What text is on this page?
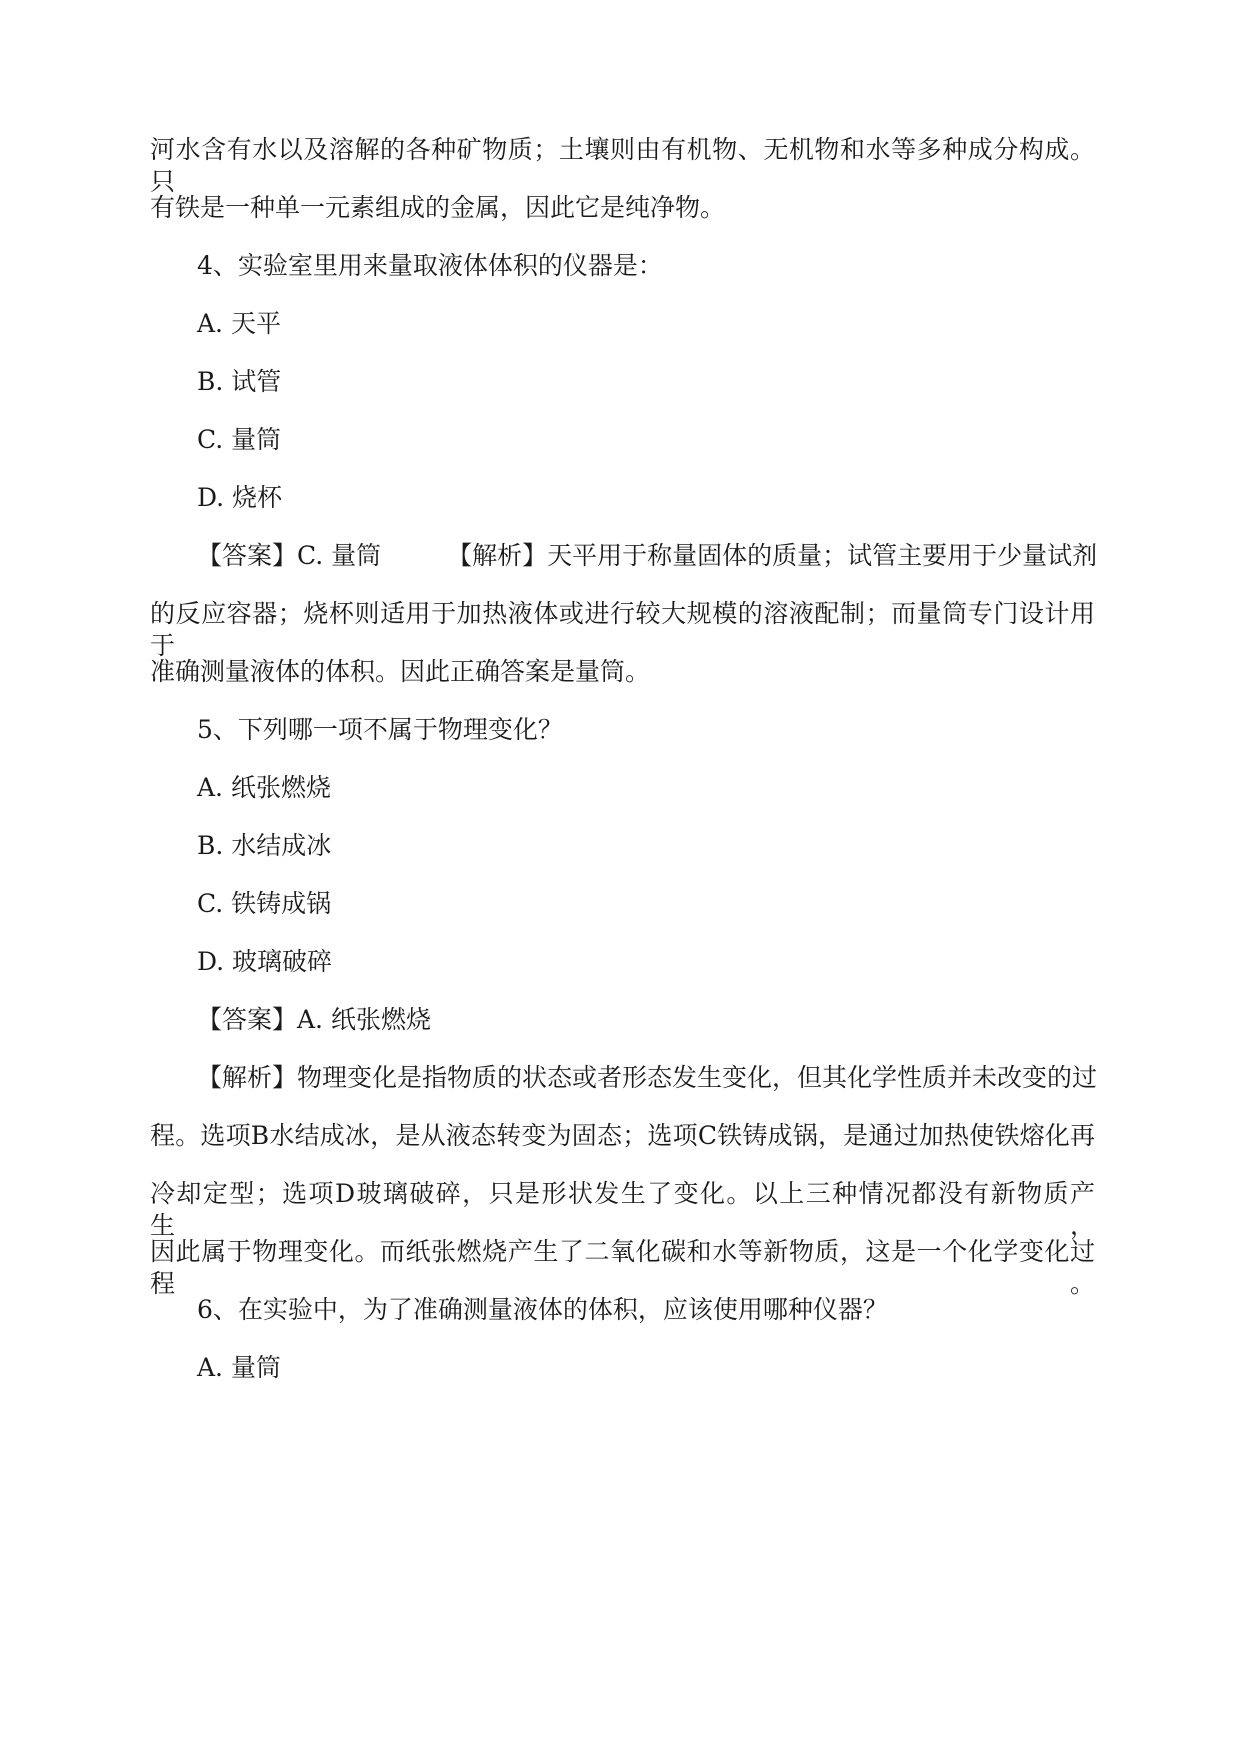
河水含有水以及溶解的各种矿物质；土壤则由有机物、无机物和水等多种成分构成。只
有铁是一种单一元素组成的金属，因此它是纯净物。
4、实验室里用来量取液体体积的仪器是：
A. 天平
B. 试管
C. 量筒
D. 烧杯
【答案】C. 量筒	【解析】天平用于称量固体的质量；试管主要用于少量试剂
的反应容器；烧杯则适用于加热液体或进行较大规模的溶液配制；而量筒专门设计用于
准确测量液体的体积。因此正确答案是量筒。
5、下列哪一项不属于物理变化？
A. 纸张燃烧
B. 水结成冰
C. 铁铸成锅
D. 玻璃破碎
【答案】A. 纸张燃烧
【解析】物理变化是指物质的状态或者形态发生变化，但其化学性质并未改变的过
程。选项B水结成冰，是从液态转变为固态；选项C铁铸成锅，是通过加热使铁熔化再
冷却定型；选项D玻璃破碎，只是形状发生了变化。以上三种情况都没有新物质产生，
因此属于物理变化。而纸张燃烧产生了二氧化碳和水等新物质，这是一个化学变化过程。
6、在实验中，为了准确测量液体的体积，应该使用哪种仪器？
A. 量筒
